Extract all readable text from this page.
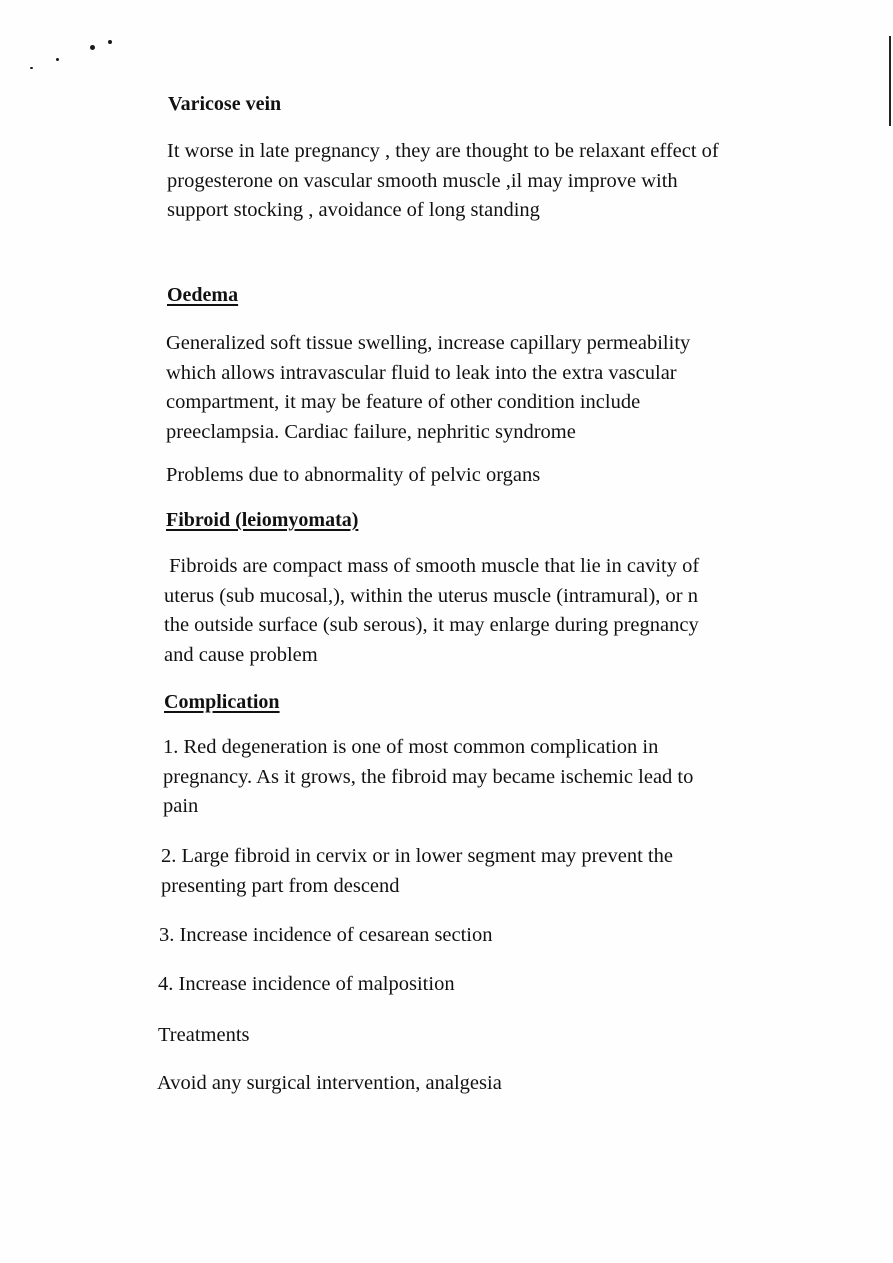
Varicose vein
It worse in late pregnancy , they are thought to be relaxant effect of
progesterone on vascular smooth muscle ,il may improve with
support stocking , avoidance of long standing
Oedema
Generalized soft tissue swelling, increase capillary permeability
which allows intravascular fluid to leak into the extra vascular
compartment, it may be feature of other condition include
preeclampsia. Cardiac failure, nephritic syndrome
Problems due to abnormality of pelvic organs
Fibroid (leiomyomata)
Fibroids are compact mass of smooth muscle that lie in cavity of
uterus (sub mucosal,), within the uterus muscle (intramural), or n
the outside surface (sub serous), it may enlarge during pregnancy
and cause problem
Complication
1. Red degeneration is one of most common complication in
pregnancy. As it grows, the fibroid may became ischemic lead to
pain
2. Large fibroid in cervix or in lower segment may prevent the
presenting part from descend
3. Increase incidence of cesarean section
4. Increase incidence of malposition
Treatments
Avoid any surgical intervention, analgesia
